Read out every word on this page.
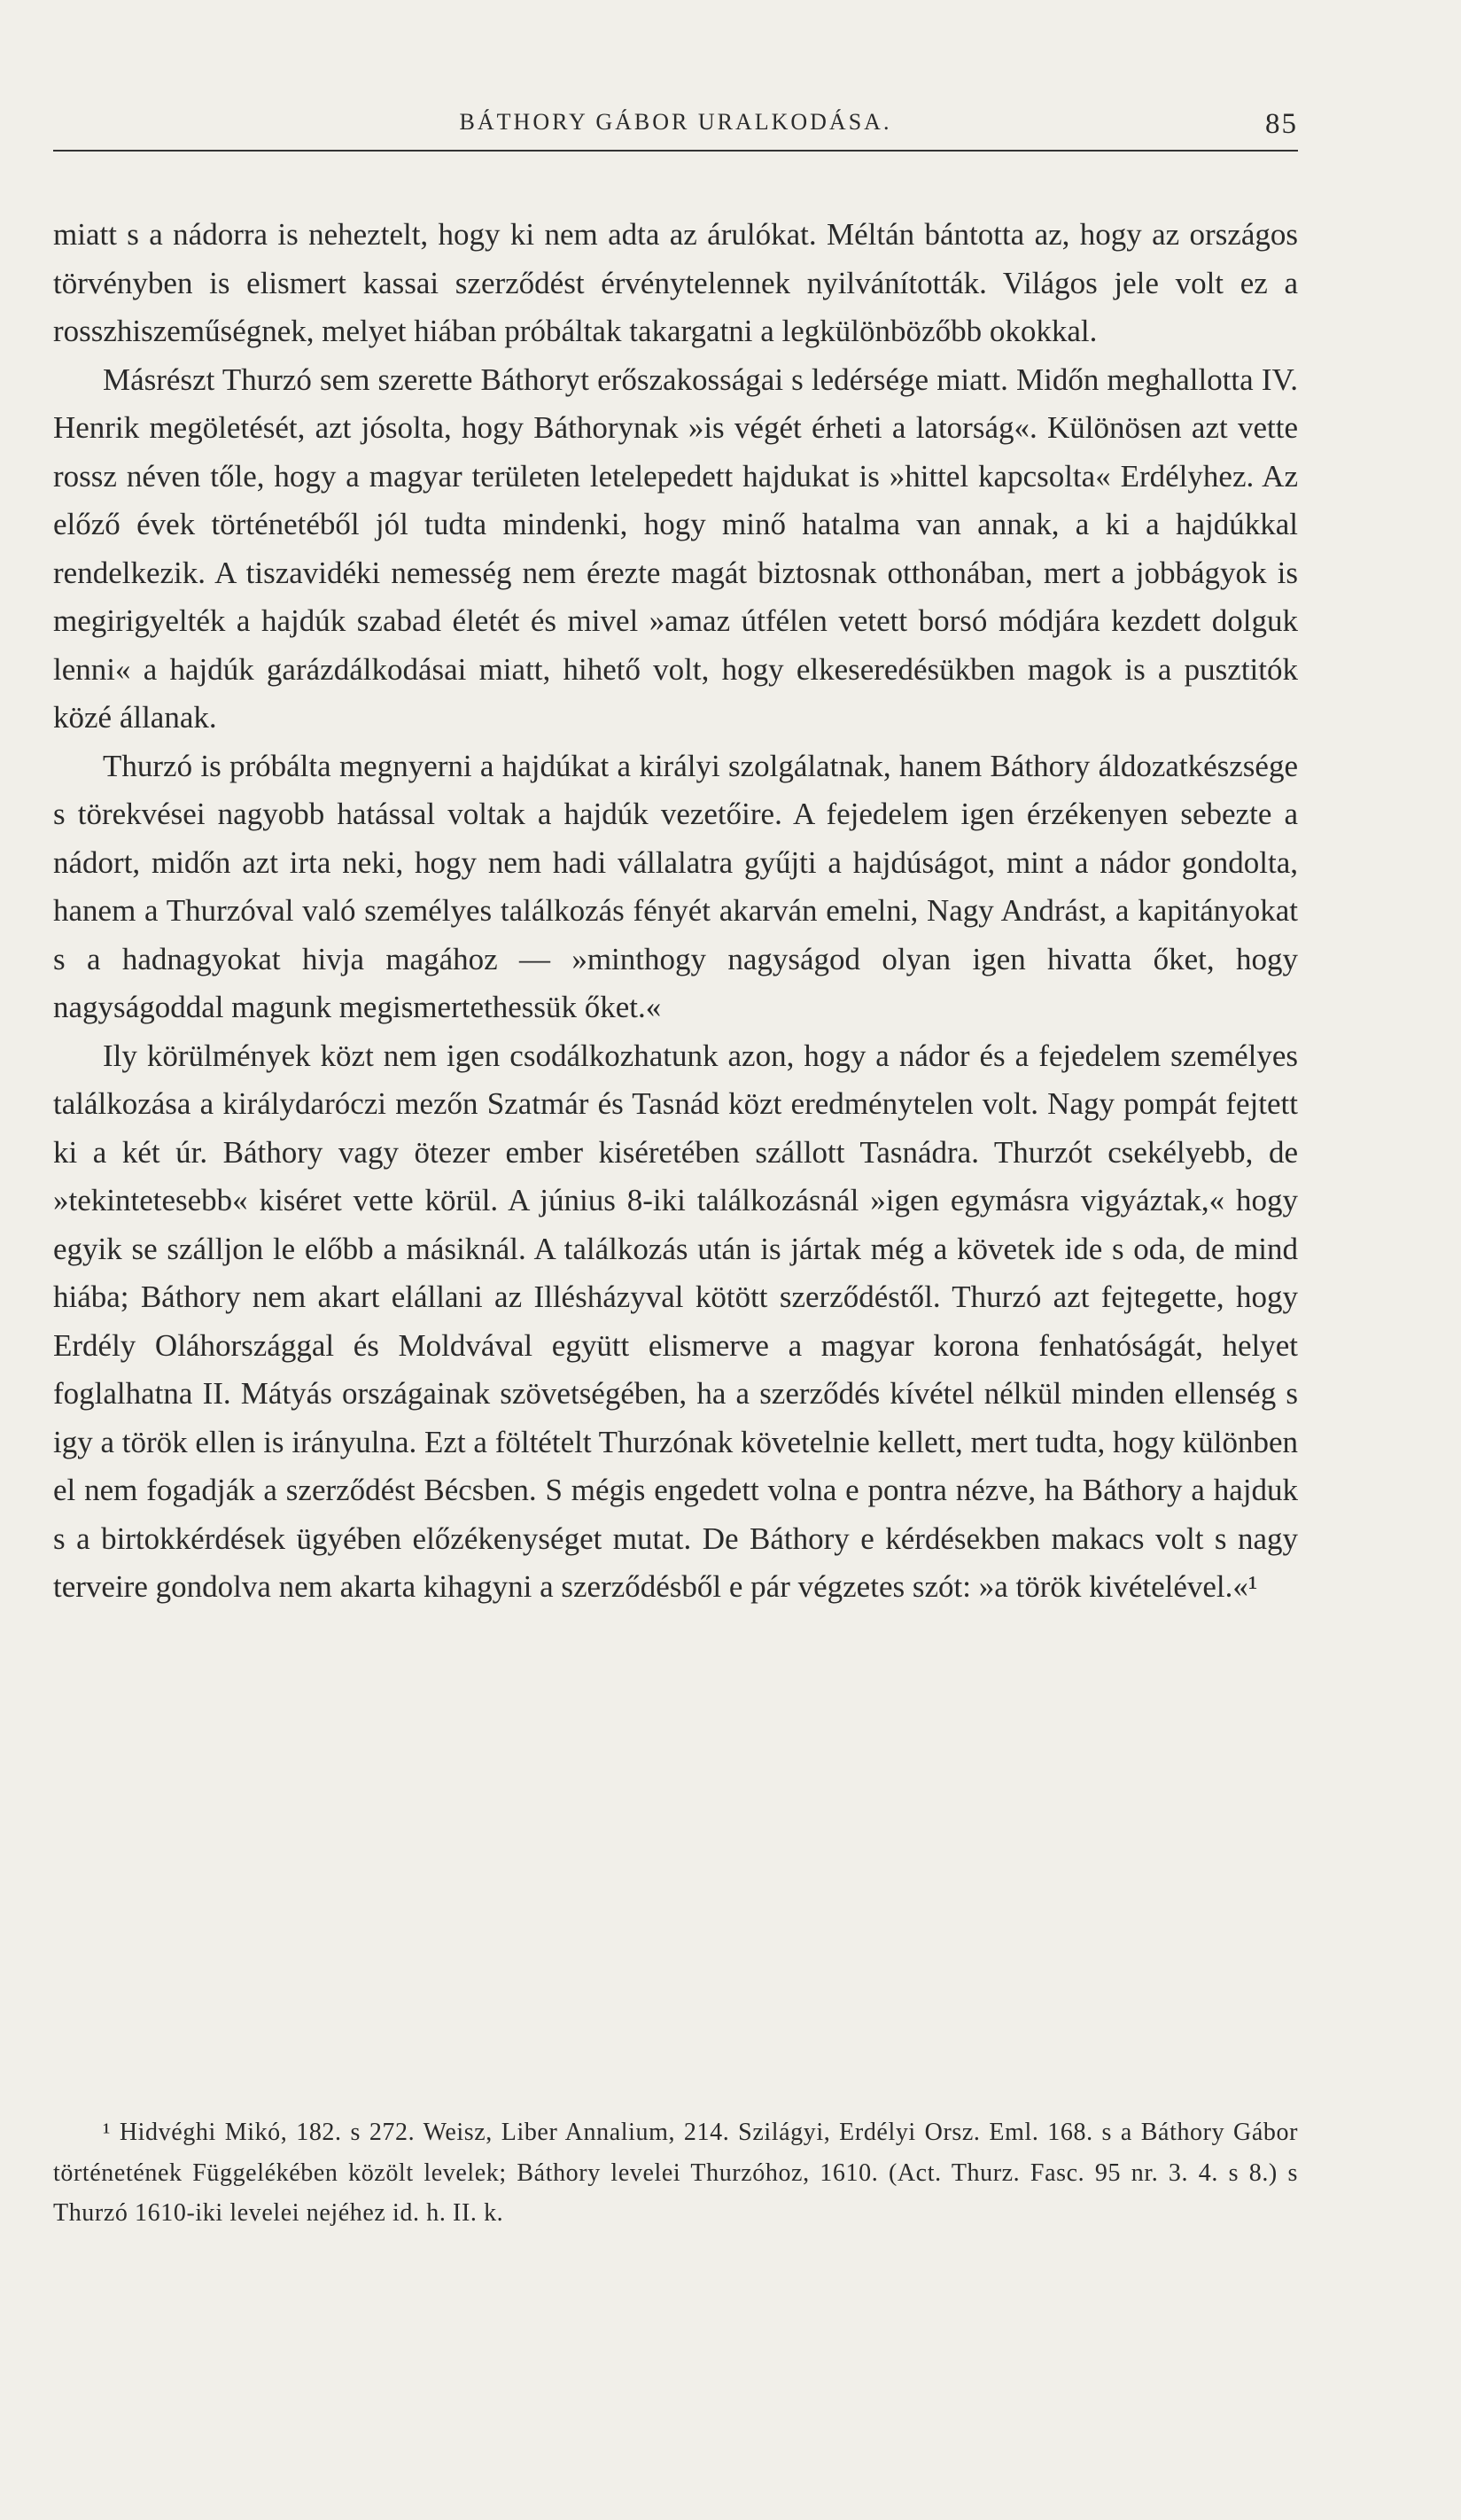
BÁTHORY GÁBOR URALKODÁSA.	85

miatt s a nádorra is neheztelt, hogy ki nem adta az árulókat. Méltán bántotta az, hogy az országos törvényben is elismert kassai szerződést érvénytelennek nyilvánították. Világos jele volt ez a rosszhiszeműségnek, melyet hiában próbáltak takargatni a legkülönbözőbb okokkal.

Másrészt Thurzó sem szerette Báthoryt erőszakosságai s ledérsége miatt. Midőn meghallotta IV. Henrik megöletését, azt jósolta, hogy Báthorynak »is végét érheti a latorság«. Különösen azt vette rossz néven tőle, hogy a magyar területen letelepedett hajdukat is »hittel kapcsolta« Erdélyhez. Az előző évek történetéből jól tudta mindenki, hogy minő hatalma van annak, a ki a hajdúkkal rendelkezik. A tiszavidéki nemesség nem érezte magát biztosnak otthonában, mert a jobbágyok is megirigyelték a hajdúk szabad életét és mivel »amaz útfélen vetett borsó módjára kezdett dolguk lenni« a hajdúk garázdálkodásai miatt, hihető volt, hogy elkeseredésükben magok is a pusztitók közé állanak.

Thurzó is próbálta megnyerni a hajdúkat a királyi szolgálatnak, hanem Báthory áldozatkészsége s törekvései nagyobb hatással voltak a hajdúk vezetőire. A fejedelem igen érzékenyen sebezte a nádort, midőn azt irta neki, hogy nem hadi vállalatra gyűjti a hajdúságot, mint a nádor gondolta, hanem a Thurzóval való személyes találkozás fényét akarván emelni, Nagy Andrást, a kapitányokat s a hadnagyokat hivja magához — »minthogy nagyságod olyan igen hivatta őket, hogy nagyságoddal magunk megismertethessük őket.«

Ily körülmények közt nem igen csodálkozhatunk azon, hogy a nádor és a fejedelem személyes találkozása a királydaróczi mezőn Szatmár és Tasnád közt eredménytelen volt. Nagy pompát fejtett ki a két úr. Báthory vagy ötezer ember kiséretében szállott Tasnádra. Thurzót csekélyebb, de »tekintetesebb« kiséret vette körül. A június 8-iki találkozásnál »igen egymásra vigyáztak,« hogy egyik se szálljon le előbb a másiknál. A találkozás után is jártak még a követek ide s oda, de mind hiába; Báthory nem akart elállani az Illésházyval kötött szerződéstől. Thurzó azt fejtegette, hogy Erdély Oláhországgal és Moldvával együtt elismerve a magyar korona fenhatóságát, helyet foglalhatna II. Mátyás országainak szövetségében, ha a szerződés kívétel nélkül minden ellenség s igy a török ellen is irányulna. Ezt a föltételt Thurzónak követelnie kellett, mert tudta, hogy különben el nem fogadják a szerződést Bécsben. S mégis engedett volna e pontra nézve, ha Báthory a hajduk s a birtokkérdések ügyében előzékenységet mutat. De Báthory e kérdésekben makacs volt s nagy terveire gondolva nem akarta kihagyni a szerződésből e pár végzetes szót: »a török kivételével.«¹

¹ Hidvéghi Mikó, 182. s 272. Weisz, Liber Annalium, 214. Szilágyi, Erdélyi Orsz. Eml. 168. s a Báthory Gábor történetének Függelékében közölt levelek; Báthory levelei Thurzóhoz, 1610. (Act. Thurz. Fasc. 95 nr. 3. 4. s 8.) s Thurzó 1610-iki levelei nejéhez id. h. II. k.
